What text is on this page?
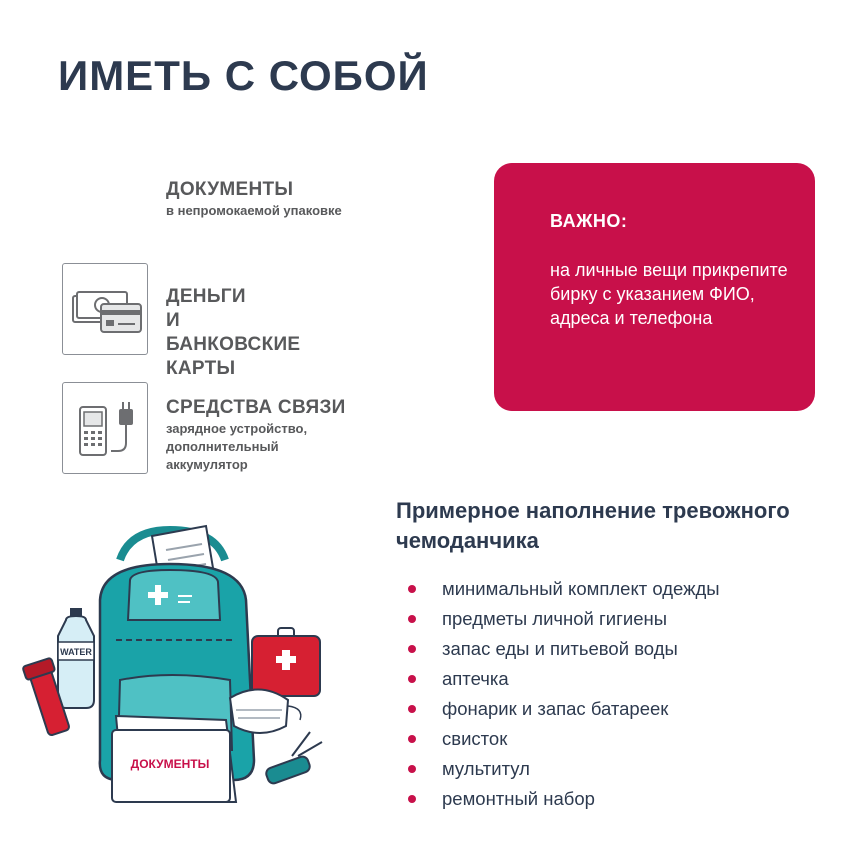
ИМЕТЬ С СОБОЙ
ДОКУМЕНТЫ
в непромокаемой упаковке
ДЕНЬГИ
И БАНКОВСКИЕ КАРТЫ
СРЕДСТВА СВЯЗИ
зарядное устройство,
дополнительный аккумулятор
ВАЖНО:
на личные вещи прикрепите бирку с указанием ФИО, адреса и телефона
Примерное наполнение тревожного чемоданчика
минимальный комплект одежды
предметы личной гигиены
запас еды и питьевой воды
аптечка
фонарик и запас батареек
свисток
мультитул
ремонтный набор
WATER
ДОКУМЕНТЫ
